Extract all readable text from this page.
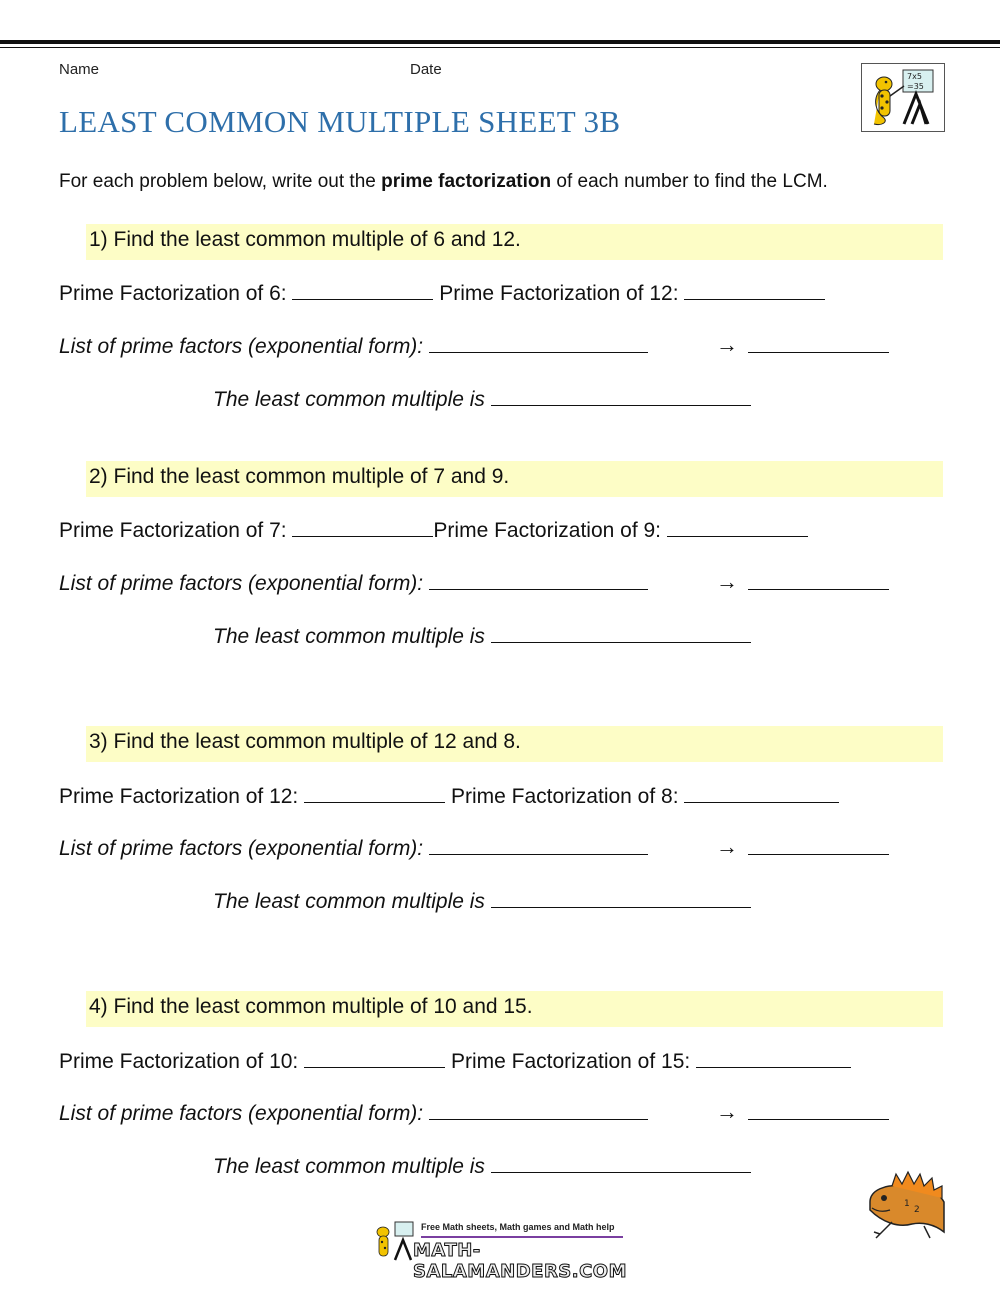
Name	Date
LEAST COMMON MULTIPLE SHEET 3B
7x5
=35
For each problem below, write out the prime factorization of each number to find the LCM.
1) Find the least common multiple of 6 and 12.
Prime Factorization of 6:	Prime Factorization of 12:
List of prime factors (exponential form):	→
The least common multiple is
2) Find the least common multiple of 7 and 9.
Prime Factorization of 7:	Prime Factorization of 9:
List of prime factors (exponential form):	→
The least common multiple is
3) Find the least common multiple of 12 and 8.
Prime Factorization of 12:	Prime Factorization of 8:
List of prime factors (exponential form):	→
The least common multiple is
4) Find the least common multiple of 10 and 15.
Prime Factorization of 10:	Prime Factorization of 15:
List of prime factors (exponential form):	→
The least common multiple is
1
2
Free Math sheets, Math games and Math help
MATH-SALAMANDERS.COM
